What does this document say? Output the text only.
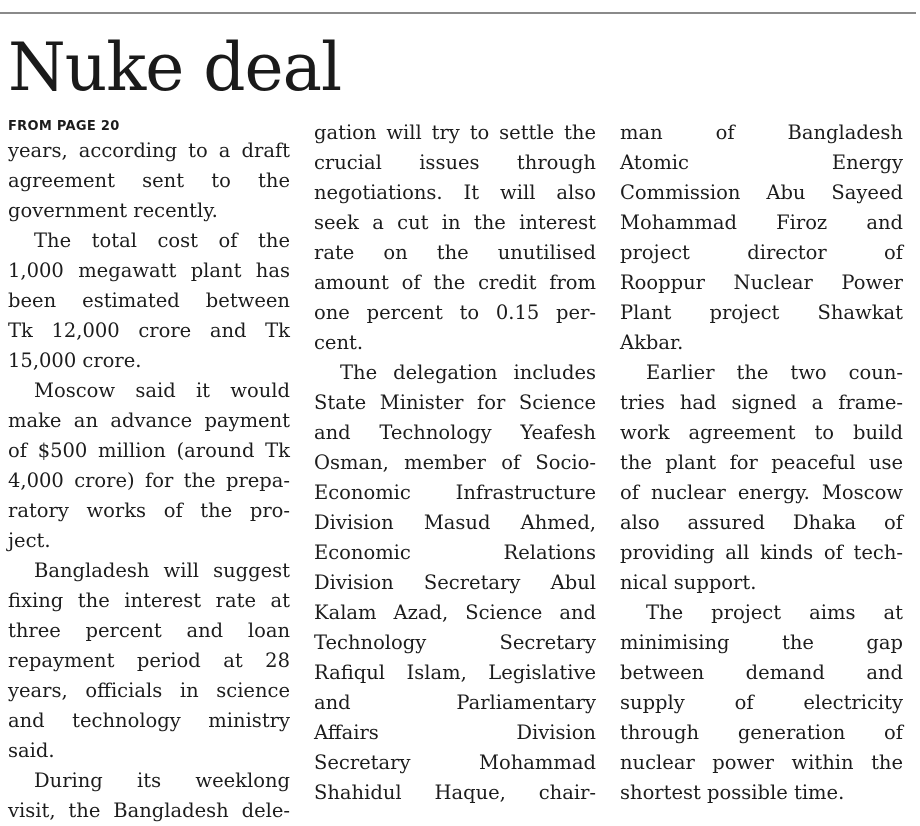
Nuke deal
FROM PAGE 20
years, according to a draft
agreement sent to the
government recently.
The total cost of the
1,000 megawatt plant has
been estimated between
Tk 12,000 crore and Tk
15,000 crore.
Moscow said it would
make an advance payment
of $500 million (around Tk
4,000 crore) for the prepa-
ratory works of the pro-
ject.
Bangladesh will suggest
fixing the interest rate at
three percent and loan
repayment period at 28
years, officials in science
and technology ministry
said.
During its weeklong
visit, the Bangladesh dele-
gation will try to settle the
crucial issues through
negotiations. It will also
seek a cut in the interest
rate on the unutilised
amount of the credit from
one percent to 0.15 per-
cent.
The delegation includes
State Minister for Science
and Technology Yeafesh
Osman, member of Socio-
Economic Infrastructure
Division Masud Ahmed,
Economic Relations
Division Secretary Abul
Kalam Azad, Science and
Technology Secretary
Rafiqul Islam, Legislative
and Parliamentary
Affairs Division
Secretary Mohammad
Shahidul Haque, chair-
man of Bangladesh
Atomic Energy
Commission Abu Sayeed
Mohammad Firoz and
project director of
Rooppur Nuclear Power
Plant project Shawkat
Akbar.
Earlier the two coun-
tries had signed a frame-
work agreement to build
the plant for peaceful use
of nuclear energy. Moscow
also assured Dhaka of
providing all kinds of tech-
nical support.
The project aims at
minimising the gap
between demand and
supply of electricity
through generation of
nuclear power within the
shortest possible time.
